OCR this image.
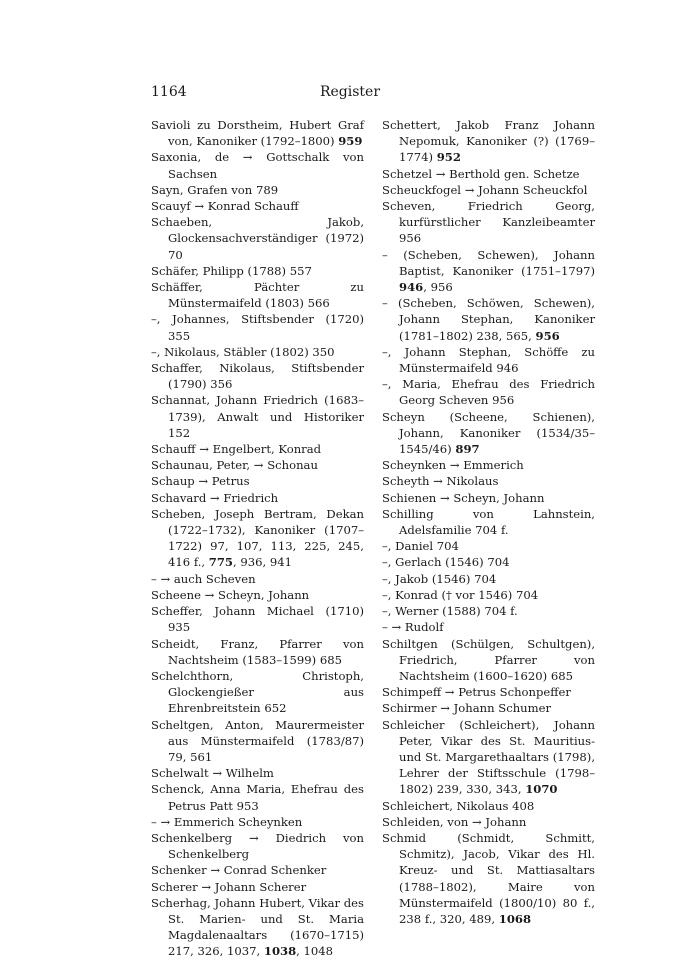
1164	Register
Savioli zu Dorstheim, Hubert Graf von, Kanoniker (1792–1800) 959
Saxonia, de → Gottschalk von Sachsen
Sayn, Grafen von 789
Scauyf → Konrad Schauff
Schaeben, Jakob, Glockensachverständiger (1972) 70
Schäfer, Philipp (1788) 557
Schäffer, Pächter zu Münstermaifeld (1803) 566
–, Johannes, Stiftsbender (1720) 355
–, Nikolaus, Stäbler (1802) 350
Schaffer, Nikolaus, Stiftsbender (1790) 356
Schannat, Johann Friedrich (1683–1739), Anwalt und Historiker 152
Schauff → Engelbert, Konrad
Schaunau, Peter, → Schonau
Schaup → Petrus
Schavard → Friedrich
Scheben, Joseph Bertram, Dekan (1722–1732), Kanoniker (1707–1722) 97, 107, 113, 225, 245, 416 f., 775, 936, 941
– → auch Scheven
Scheene → Scheyn, Johann
Scheffer, Johann Michael (1710) 935
Scheidt, Franz, Pfarrer von Nachtsheim (1583–1599) 685
Schelchthorn, Christoph, Glockengießer aus Ehrenbreitstein 652
Scheltgen, Anton, Maurermeister aus Münstermaifeld (1783/87) 79, 561
Schelwalt → Wilhelm
Schenck, Anna Maria, Ehefrau des Petrus Patt 953
– → Emmerich Scheynken
Schenkelberg → Diedrich von Schenkelberg
Schenker → Conrad Schenker
Scherer → Johann Scherer
Scherhag, Johann Hubert, Vikar des St. Marien- und St. Maria Magdalenaaltars (1670–1715) 217, 326, 1037, 1038, 1048
Schettert, Jakob Franz Johann Nepomuk, Kanoniker (?) (1769–1774) 952
Schetzel → Berthold gen. Schetze
Scheuckfogel → Johann Scheuckfol
Scheven, Friedrich Georg, kurfürstlicher Kanzleibeamter 956
– (Scheben, Schewen), Johann Baptist, Kanoniker (1751–1797) 946, 956
– (Scheben, Schöwen, Schewen), Johann Stephan, Kanoniker (1781–1802) 238, 565, 956
–, Johann Stephan, Schöffe zu Münstermaifeld 946
–, Maria, Ehefrau des Friedrich Georg Scheven 956
Scheyn (Scheene, Schienen), Johann, Kanoniker (1534/35–1545/46) 897
Scheynken → Emmerich
Scheyth → Nikolaus
Schienen → Scheyn, Johann
Schilling von Lahnstein, Adelsfamilie 704 f.
–, Daniel 704
–, Gerlach (1546) 704
–, Jakob (1546) 704
–, Konrad († vor 1546) 704
–, Werner (1588) 704 f.
– → Rudolf
Schiltgen (Schülgen, Schultgen), Friedrich, Pfarrer von Nachtsheim (1600–1620) 685
Schimpeff → Petrus Schonpeffer
Schirmer → Johann Schumer
Schleicher (Schleichert), Johann Peter, Vikar des St. Mauritius- und St. Margarethaaltars (1798), Lehrer der Stiftsschule (1798–1802) 239, 330, 343, 1070
Schleichert, Nikolaus 408
Schleiden, von → Johann
Schmid (Schmidt, Schmitt, Schmitz), Jacob, Vikar des Hl. Kreuz- und St. Mattiasaltars (1788–1802), Maire von Münstermaifeld (1800/10) 80 f., 238 f., 320, 489, 1068
